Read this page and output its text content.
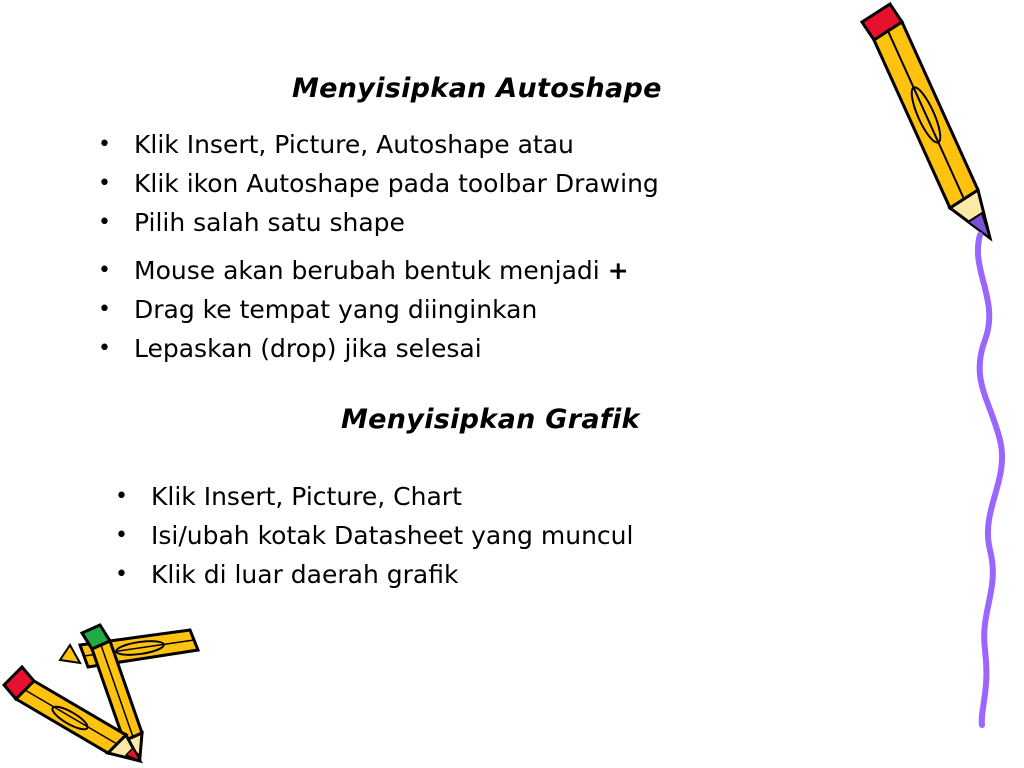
Menyisipkan Autoshape
• Klik Insert, Picture, Autoshape atau
• Klik ikon Autoshape pada toolbar Drawing
• Pilih salah satu shape
• Mouse akan berubah bentuk menjadi +
• Drag ke tempat yang diinginkan
• Lepaskan (drop) jika selesai
Menyisipkan Grafik
• Klik Insert, Picture, Chart
• Isi/ubah kotak Datasheet yang muncul
• Klik di luar daerah grafik
